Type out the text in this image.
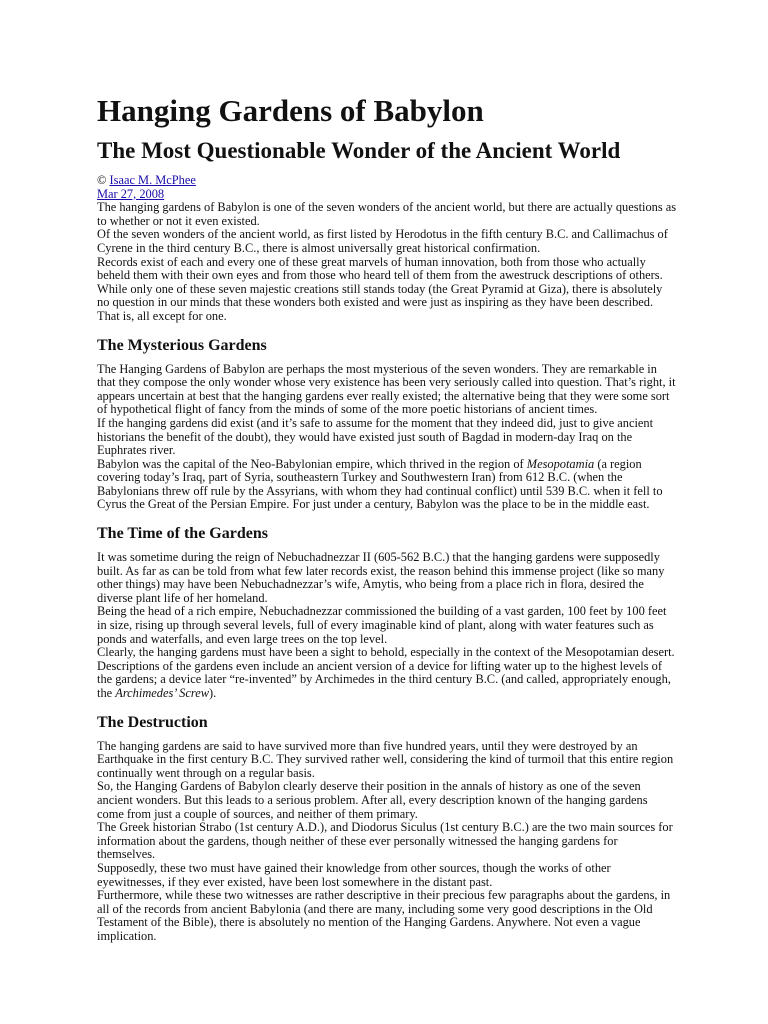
Hanging Gardens of Babylon
The Most Questionable Wonder of the Ancient World
© Isaac M. McPhee
Mar 27, 2008

The hanging gardens of Babylon is one of the seven wonders of the ancient world, but there are actually questions as to whether or not it even existed.

Of the seven wonders of the ancient world, as first listed by Herodotus in the fifth century B.C. and Callimachus of Cyrene in the third century B.C., there is almost universally great historical confirmation.

Records exist of each and every one of these great marvels of human innovation, both from those who actually beheld them with their own eyes and from those who heard tell of them from the awestruck descriptions of others.

While only one of these seven majestic creations still stands today (the Great Pyramid at Giza), there is absolutely no question in our minds that these wonders both existed and were just as inspiring as they have been described. That is, all except for one.

The Mysterious Gardens

The Hanging Gardens of Babylon are perhaps the most mysterious of the seven wonders. They are remarkable in that they compose the only wonder whose very existence has been very seriously called into question. That’s right, it appears uncertain at best that the hanging gardens ever really existed; the alternative being that they were some sort of hypothetical flight of fancy from the minds of some of the more poetic historians of ancient times.

If the hanging gardens did exist (and it’s safe to assume for the moment that they indeed did, just to give ancient historians the benefit of the doubt), they would have existed just south of Bagdad in modern-day Iraq on the Euphrates river.

Babylon was the capital of the Neo-Babylonian empire, which thrived in the region of Mesopotamia (a region covering today’s Iraq, part of Syria, southeastern Turkey and Southwestern Iran) from 612 B.C. (when the Babylonians threw off rule by the Assyrians, with whom they had continual conflict) until 539 B.C. when it fell to Cyrus the Great of the Persian Empire. For just under a century, Babylon was the place to be in the middle east.

The Time of the Gardens

It was sometime during the reign of Nebuchadnezzar II (605-562 B.C.) that the hanging gardens were supposedly built. As far as can be told from what few later records exist, the reason behind this immense project (like so many other things) may have been Nebuchadnezzar’s wife, Amytis, who being from a place rich in flora, desired the diverse plant life of her homeland.

Being the head of a rich empire, Nebuchadnezzar commissioned the building of a vast garden, 100 feet by 100 feet in size, rising up through several levels, full of every imaginable kind of plant, along with water features such as ponds and waterfalls, and even large trees on the top level.

Clearly, the hanging gardens must have been a sight to behold, especially in the context of the Mesopotamian desert. Descriptions of the gardens even include an ancient version of a device for lifting water up to the highest levels of the gardens; a device later “re-invented” by Archimedes in the third century B.C. (and called, appropriately enough, the Archimedes’ Screw).

The Destruction

The hanging gardens are said to have survived more than five hundred years, until they were destroyed by an Earthquake in the first century B.C. They survived rather well, considering the kind of turmoil that this entire region continually went through on a regular basis.

So, the Hanging Gardens of Babylon clearly deserve their position in the annals of history as one of the seven ancient wonders. But this leads to a serious problem. After all, every description known of the hanging gardens come from just a couple of sources, and neither of them primary.

The Greek historian Strabo (1st century A.D.), and Diodorus Siculus (1st century B.C.) are the two main sources for information about the gardens, though neither of these ever personally witnessed the hanging gardens for themselves.

Supposedly, these two must have gained their knowledge from other sources, though the works of other eyewitnesses, if they ever existed, have been lost somewhere in the distant past.

Furthermore, while these two witnesses are rather descriptive in their precious few paragraphs about the gardens, in all of the records from ancient Babylonia (and there are many, including some very good descriptions in the Old Testament of the Bible), there is absolutely no mention of the Hanging Gardens. Anywhere. Not even a vague implication.
